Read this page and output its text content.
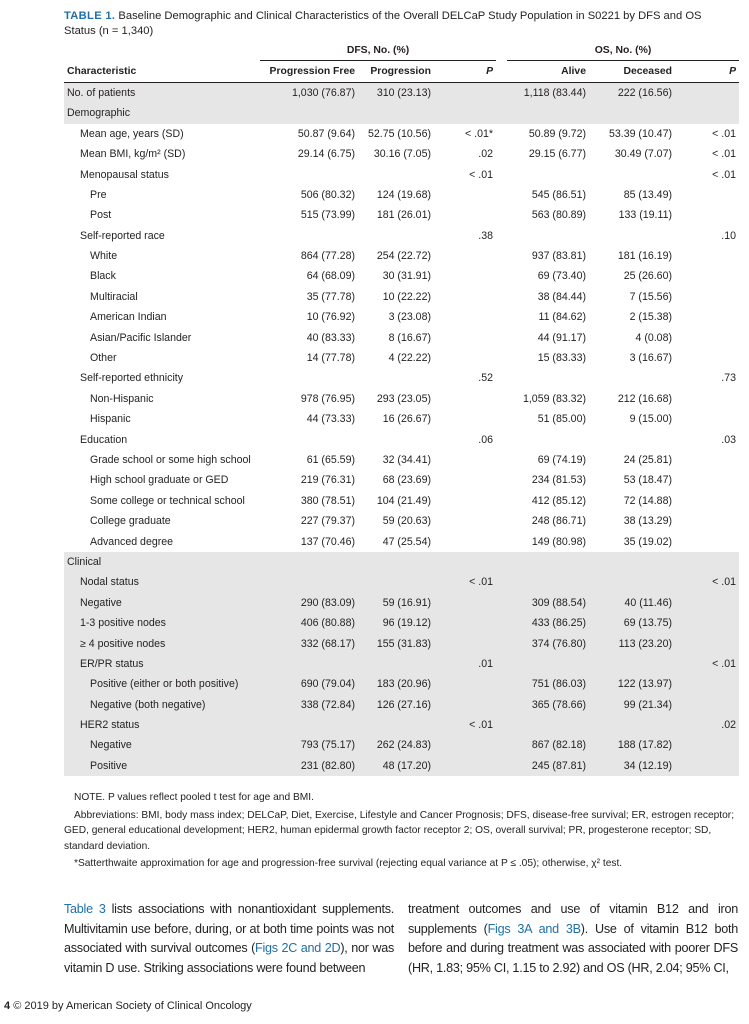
TABLE 1. Baseline Demographic and Clinical Characteristics of the Overall DELCaP Study Population in S0221 by DFS and OS Status (n = 1,340)
	DFS, No. (%)				OS, No. (%)		
Characteristic	Progression Free	Progression	P		Alive	Deceased	P
No. of patients	1,030 (76.87)	310 (23.13)			1,118 (83.44)	222 (16.56)	
Demographic							
Mean age, years (SD)	50.87 (9.64)	52.75 (10.56)	< .01*		50.89 (9.72)	53.39 (10.47)	< .01
Mean BMI, kg/m² (SD)	29.14 (6.75)	30.16 (7.05)	.02		29.15 (6.77)	30.49 (7.07)	< .01
Menopausal status			< .01				< .01
Pre	506 (80.32)	124 (19.68)			545 (86.51)	85 (13.49)	
Post	515 (73.99)	181 (26.01)			563 (80.89)	133 (19.11)	
Self-reported race			.38				.10
White	864 (77.28)	254 (22.72)			937 (83.81)	181 (16.19)	
Black	64 (68.09)	30 (31.91)			69 (73.40)	25 (26.60)	
Multiracial	35 (77.78)	10 (22.22)			38 (84.44)	7 (15.56)	
American Indian	10 (76.92)	3 (23.08)			11 (84.62)	2 (15.38)	
Asian/Pacific Islander	40 (83.33)	8 (16.67)			44 (91.17)	4 (0.08)	
Other	14 (77.78)	4 (22.22)			15 (83.33)	3 (16.67)	
Self-reported ethnicity			.52				.73
Non-Hispanic	978 (76.95)	293 (23.05)			1,059 (83.32)	212 (16.68)	
Hispanic	44 (73.33)	16 (26.67)			51 (85.00)	9 (15.00)	
Education			.06				.03
Grade school or some high school	61 (65.59)	32 (34.41)			69 (74.19)	24 (25.81)	
High school graduate or GED	219 (76.31)	68 (23.69)			234 (81.53)	53 (18.47)	
Some college or technical school	380 (78.51)	104 (21.49)			412 (85.12)	72 (14.88)	
College graduate	227 (79.37)	59 (20.63)			248 (86.71)	38 (13.29)	
Advanced degree	137 (70.46)	47 (25.54)			149 (80.98)	35 (19.02)	
Clinical							
Nodal status			< .01				< .01
Negative	290 (83.09)	59 (16.91)			309 (88.54)	40 (11.46)	
1-3 positive nodes	406 (80.88)	96 (19.12)			433 (86.25)	69 (13.75)	
≥ 4 positive nodes	332 (68.17)	155 (31.83)			374 (76.80)	113 (23.20)	
ER/PR status			.01				< .01
Positive (either or both positive)	690 (79.04)	183 (20.96)			751 (86.03)	122 (13.97)	
Negative (both negative)	338 (72.84)	126 (27.16)			365 (78.66)	99 (21.34)	
HER2 status			< .01				.02
Negative	793 (75.17)	262 (24.83)			867 (82.18)	188 (17.82)	
Positive	231 (82.80)	48 (17.20)			245 (87.81)	34 (12.19)	

NOTE. P values reflect pooled t test for age and BMI.

Abbreviations: BMI, body mass index; DELCaP, Diet, Exercise, Lifestyle and Cancer Prognosis; DFS, disease-free survival; ER, estrogen receptor; GED, general educational development; HER2, human epidermal growth factor receptor 2; OS, overall survival; PR, progesterone receptor; SD, standard deviation.

*Satterthwaite approximation for age and progression-free survival (rejecting equal variance at P ≤ .05); otherwise, χ² test.

Table 3 lists associations with nonantioxidant supplements. Multivitamin use before, during, or at both time points was not associated with survival outcomes (Figs 2C and 2D), nor was vitamin D use. Striking associations were found between
treatment outcomes and use of vitamin B12 and iron supplements (Figs 3A and 3B). Use of vitamin B12 both before and during treatment was associated with poorer DFS (HR, 1.83; 95% CI, 1.15 to 2.92) and OS (HR, 2.04; 95% CI,
4 © 2019 by American Society of Clinical Oncology
